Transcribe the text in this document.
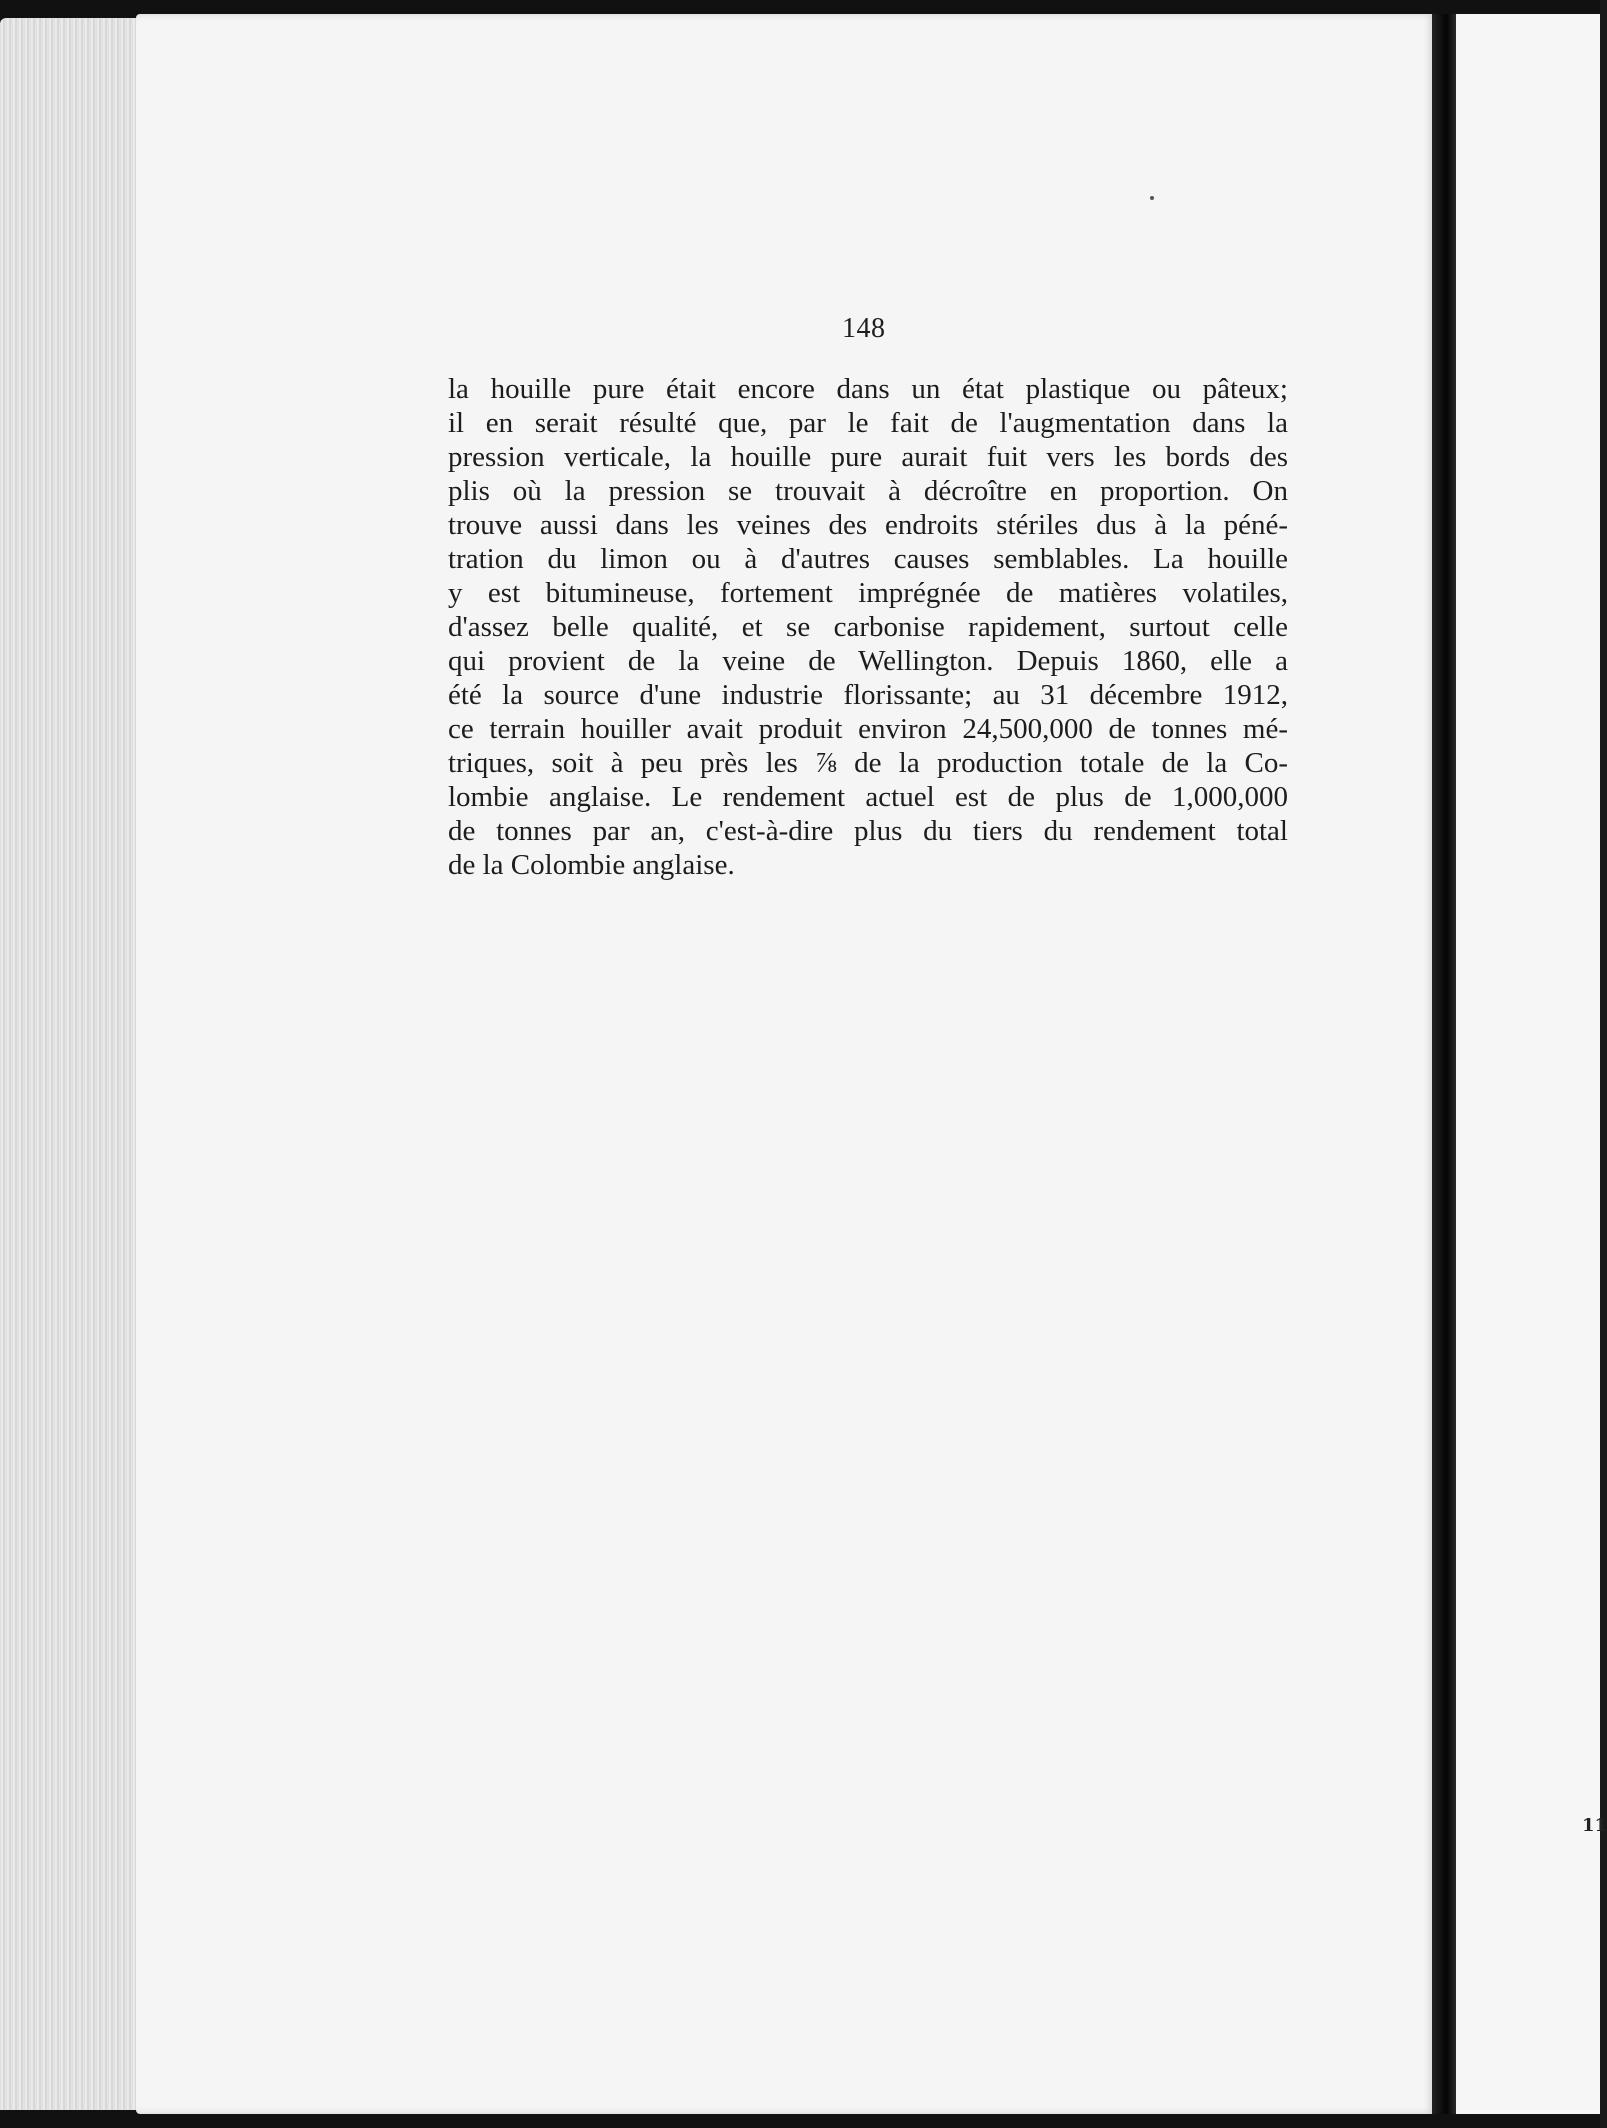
148

la houille pure était encore dans un état plastique ou pâteux;
il en serait résulté que, par le fait de l'augmentation dans la
pression verticale, la houille pure aurait fuit vers les bords des
plis où la pression se trouvait à décroître en proportion. On
trouve aussi dans les veines des endroits stériles dus à la péné-
tration du limon ou à d'autres causes semblables. La houille
y est bitumineuse, fortement imprégnée de matières volatiles,
d'assez belle qualité, et se carbonise rapidement, surtout celle
qui provient de la veine de Wellington. Depuis 1860, elle a
été la source d'une industrie florissante; au 31 décembre 1912,
ce terrain houiller avait produit environ 24,500,000 de tonnes mé-
triques, soit à peu près les ⅞ de la production totale de la Co-
lombie anglaise. Le rendement actuel est de plus de 1,000,000
de tonnes par an, c'est-à-dire plus du tiers du rendement total
de la Colombie anglaise.

11
